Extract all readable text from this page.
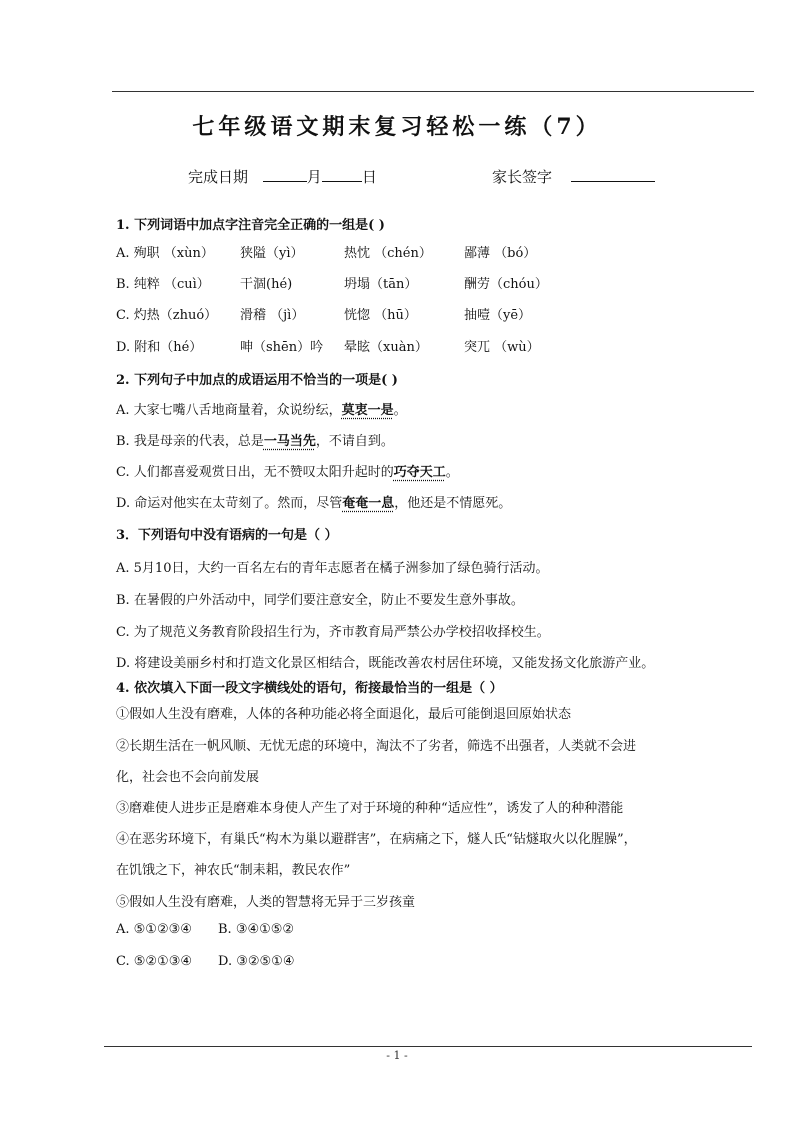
七年级语文期末复习轻松一练（7）
完成日期	月	日	家长签字
1. 下列词语中加点字注音完全正确的一组是( )
A. 殉职 （xùn） 狭隘（yì）	热忱 （chén） 鄙薄 （bó）
B. 纯粹 （cuì） 干涸(hé)	坍塌（tān）	酬劳（chóu）
C. 灼热（zhuó） 滑稽 （jì）	恍惚 （hū）	抽噎（yē）
D. 附和（hé）	呻（shēn）吟 晕眩（xuàn）	突兀 （wù）
2. 下列句子中加点的成语运用不恰当的一项是( )
A. 大家七嘴八舌地商量着，众说纷纭，莫衷一是。
B. 我是母亲的代表，总是一马当先，不请自到。
C. 人们都喜爱观赏日出，无不赞叹太阳升起时的巧夺天工。
D. 命运对他实在太苛刻了。然而，尽管奄奄一息，他还是不情愿死。
3．下列语句中没有语病的一句是（ ）
A. 5月10日，大约一百名左右的青年志愿者在橘子洲参加了绿色骑行活动。
B. 在暑假的户外活动中，同学们要注意安全，防止不要发生意外事故。
C. 为了规范义务教育阶段招生行为，齐市教育局严禁公办学校招收择校生。
D. 将建设美丽乡村和打造文化景区相结合，既能改善农村居住环境，又能发扬文化旅游产业。
4. 依次填入下面一段文字横线处的语句，衔接最恰当的一组是（ ）
①假如人生没有磨难，人体的各种功能必将全面退化，最后可能倒退回原始状态
②长期生活在一帆风顺、无忧无虑的环境中，淘汰不了劣者，筛选不出强者，人类就不会进
化，社会也不会向前发展
③磨难使人进步正是磨难本身使人产生了对于环境的种种“适应性”，诱发了人的种种潜能
④在恶劣环境下，有巢氏“构木为巢以避群害”，在病痛之下，燧人氏“钻燧取火以化腥臊”，
在饥饿之下，神农氏“制耒耜，教民农作”
⑤假如人生没有磨难，人类的智慧将无异于三岁孩童
A. ⑤①②③④ B. ③④①⑤②
C. ⑤②①③④ D. ③②⑤①④
- 1 -
